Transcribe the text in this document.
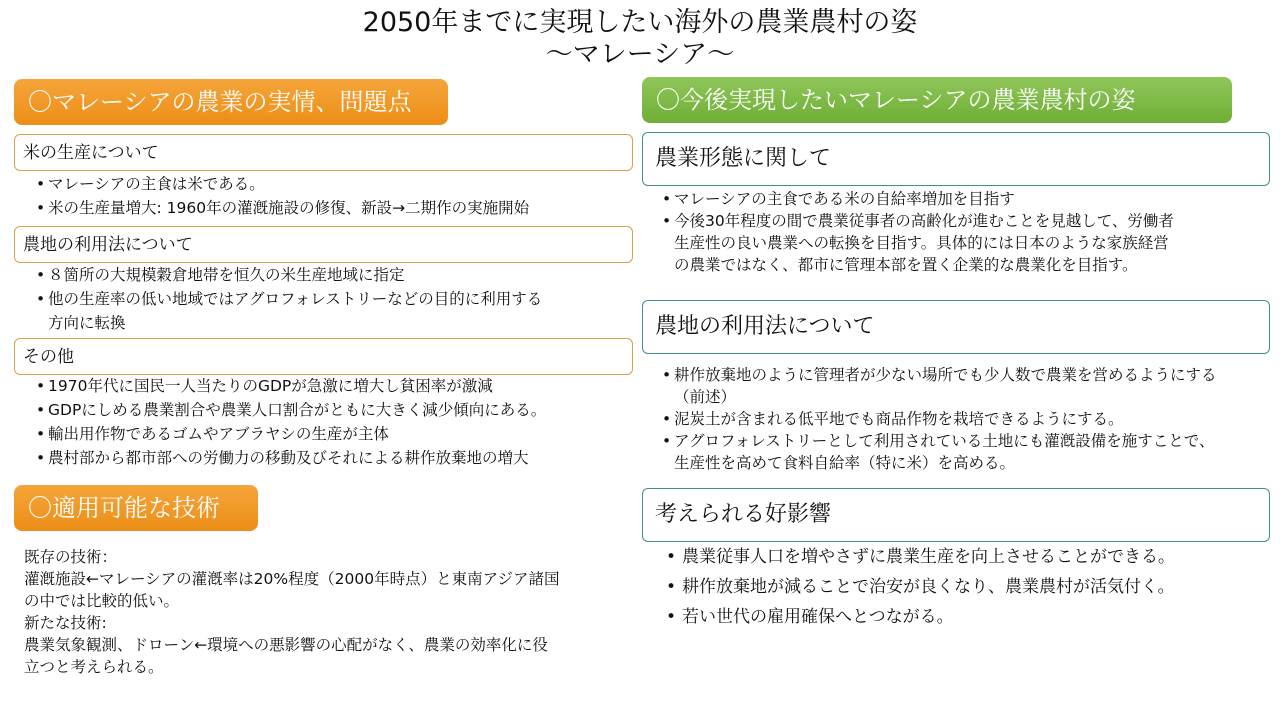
2050年までに実現したい海外の農業農村の姿
～マレーシア～
〇マレーシアの農業の実情、問題点
米の生産について
• マレーシアの主食は米である。
• 米の生産量増大: 1960年の灌漑施設の修復、新設→二期作の実施開始
農地の利用法について
• ８箇所の大規模穀倉地帯を恒久の米生産地域に指定
• 他の生産率の低い地域ではアグロフォレストリーなどの目的に利用する
方向に転換
その他
• 1970年代に国民一人当たりのGDPが急激に増大し貧困率が激減
• GDPにしめる農業割合や農業人口割合がともに大きく減少傾向にある。
• 輸出用作物であるゴムやアブラヤシの生産が主体
• 農村部から都市部への労働力の移動及びそれによる耕作放棄地の増大
〇適用可能な技術
既存の技術：
灌漑施設←マレーシアの灌漑率は20%程度（2000年時点）と東南アジア諸国
の中では比較的低い。
新たな技術:
農業気象観測、ドローン←環境への悪影響の心配がなく、農業の効率化に役
立つと考えられる。
〇今後実現したいマレーシアの農業農村の姿
農業形態に関して
• マレーシアの主食である米の自給率増加を目指す
• 今後30年程度の間で農業従事者の高齢化が進むことを見越して、労働者
生産性の良い農業への転換を目指す。具体的には日本のような家族経営
の農業ではなく、都市に管理本部を置く企業的な農業化を目指す。
農地の利用法について
• 耕作放棄地のように管理者が少ない場所でも少人数で農業を営めるようにする
（前述）
• 泥炭土が含まれる低平地でも商品作物を栽培できるようにする。
• アグロフォレストリーとして利用されている土地にも灌漑設備を施すことで、
生産性を高めて食料自給率（特に米）を高める。
考えられる好影響
• 農業従事人口を増やさずに農業生産を向上させることができる。
• 耕作放棄地が減ることで治安が良くなり、農業農村が活気付く。
• 若い世代の雇用確保へとつながる。
